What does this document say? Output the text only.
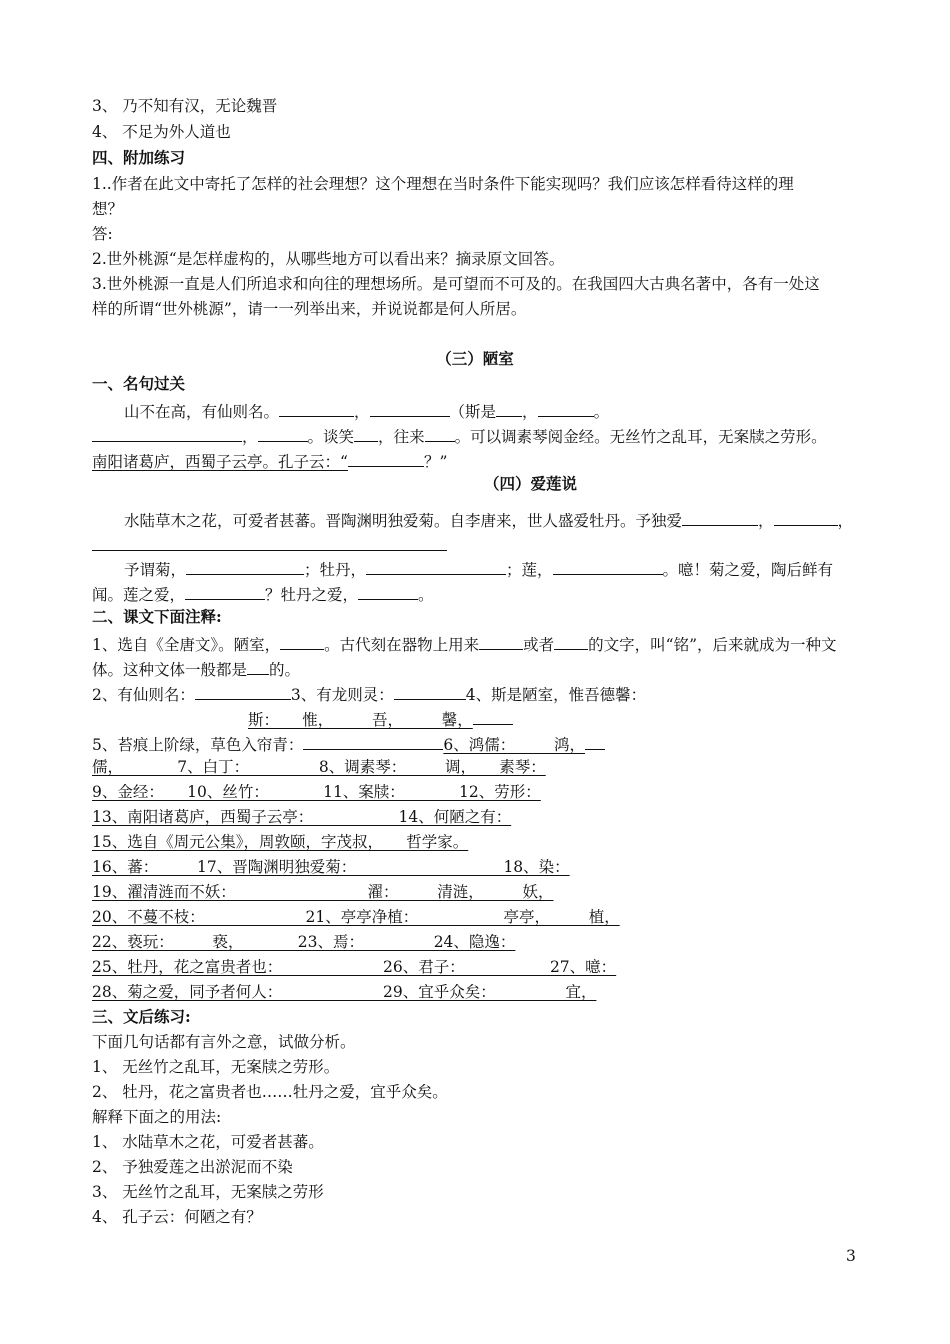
3、 乃不知有汉，无论魏晋
4、 不足为外人道也
四、附加练习
1..作者在此文中寄托了怎样的社会理想？这个理想在当时条件下能实现吗？我们应该怎样看待这样的理
想？
答:
2.世外桃源“是怎样虚构的，从哪些地方可以看出来？摘录原文回答。
3.世外桃源一直是人们所追求和向往的理想场所。是可望而不可及的。在我国四大古典名著中，各有一处这
样的所谓“世外桃源”，请一一列举出来，并说说都是何人所居。
（三）陋室
一、名句过关
山不在高，有仙则名。	，	（斯是 ，	。
，	。谈笑 ，往来 。可以调素琴阅金经。无丝竹之乱耳，无案牍之劳形。
南阳诸葛庐，西蜀子云亭。孔子云：“	？”
（四）爱莲说
水陆草木之花，可爱者甚蕃。晋陶渊明独爱菊。自李唐来，世人盛爱牡丹。予独爱	，	，
予谓菊，	；牡丹，	；莲，	。噫！菊之爱，陶后鲜有
闻。莲之爱，	？牡丹之爱，	。
二、课文下面注释:
1、选自《全唐文》。陋室，	。古代刻在器物上用来	或者 的文字，叫“铭”，后来就成为一种文
体。这种文体一般都是 的。
2、有仙则名：	3、有龙则灵：	4、斯是陋室，惟吾德馨：
斯：　　惟，　　　吾，　　　馨，
5、苔痕上阶绿，草色入帘青：	6、鸿儒：　　　鸿，
儒，　　　　7、白丁：　　　　　8、调素琴：　　　调，　　素琴：
9、金经：　　10、丝竹：　　　　11、案牍：　　　　12、劳形：
13、南阳诸葛庐，西蜀子云亭：　　　　　　14、何陋之有：
15、选自《周元公集》，周敦颐，字茂叔，　　哲学家。
16、蕃：　　　17、晋陶渊明独爱菊：　　　　　　　　　　18、染：
19、濯清涟而不妖：　　　　　　　　　濯：　　　清涟，　　　妖，
20、不蔓不枝：　　　　　　　21、亭亭净植：　　　　　　亭亭，　　　植，
22、亵玩：　　　亵，　　　　23、焉：　　　　　24、隐逸：
25、牡丹，花之富贵者也：　　　　　　　26、君子：　　　　　　27、噫：
28、菊之爱，同予者何人：　　　　　　　29、宜乎众矣：　　　　　宜，
三、文后练习:
下面几句话都有言外之意，试做分析。
1、 无丝竹之乱耳，无案牍之劳形。
2、 牡丹，花之富贵者也……牡丹之爱，宜乎众矣。
解释下面之的用法:
1、 水陆草木之花，可爱者甚蕃。
2、 予独爱莲之出淤泥而不染
3、 无丝竹之乱耳，无案牍之劳形
4、 孔子云：何陋之有？
3
